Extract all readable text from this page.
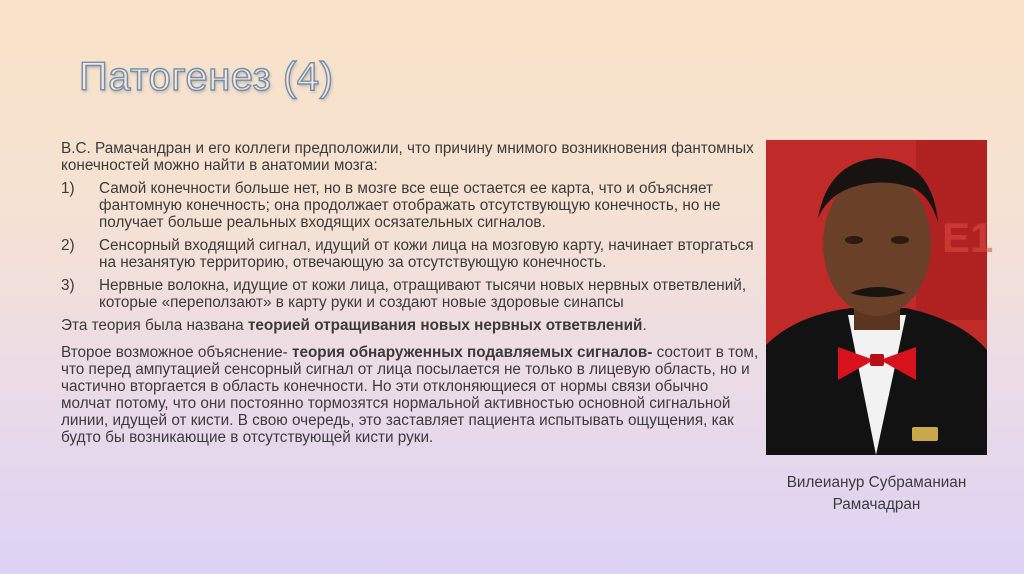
Патогенез (4)

В.С. Рамачандран и его коллеги предположили, что причину мнимого возникновения фантомных конечностей можно найти в анатомии мозга:

1)	Самой конечности больше нет, но в мозге все еще остается ее карта, что и объясняет фантомную конечность; она продолжает отображать отсутствующую конечность, но не получает больше реальных входящих осязательных сигналов.
2)	Сенсорный входящий сигнал, идущий от кожи лица на мозговую карту, начинает вторгаться на незанятую территорию, отвечающую за отсутствующую конечность.
3)	Нервные волокна, идущие от кожи лица, отращивают тысячи новых нервных ответвлений, которые «переползают» в карту руки и создают новые здоровые синапсы

Эта теория была названа теорией отращивания новых нервных ответвлений.

Второе возможное объяснение- теория обнаруженных подавляемых сигналов- состоит в том, что перед ампутацией сенсорный сигнал от лица посылается не только в лицевую область, но и частично вторгается в область конечности. Но эти отклоняющиеся от нормы связи обычно молчат потому, что они постоянно тормозятся нормальной активностью основной сигнальной линии, идущей от кисти. В свою очередь, это заставляет пациента испытывать ощущения, как будто бы возникающие в отсутствующей кисти руки.

E1
Вилеианур Субраманиан
Рамачадран
